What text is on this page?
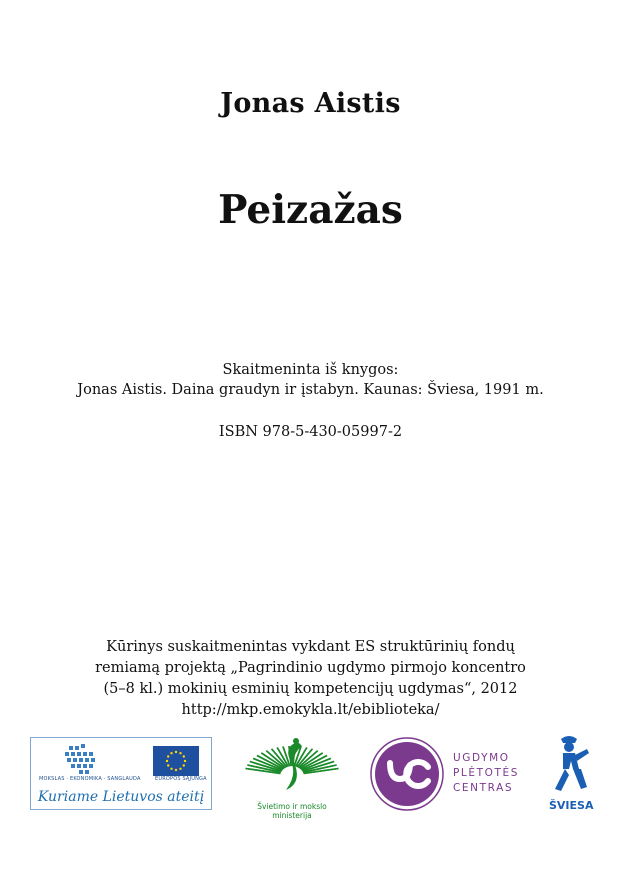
Jonas Aistis
Peizažas
Skaitmeninta iš knygos:
Jonas Aistis. Daina graudyn ir įstabyn. Kaunas: Šviesa, 1991 m.
ISBN 978-5-430-05997-2
Kūrinys suskaitmenintas vykdant ES struktūrinių fondų
remiamą projektą „Pagrindinio ugdymo pirmojo koncentro
(5–8 kl.) mokinių esminių kompetencijų ugdymas“, 2012
http://mkp.emokykla.lt/ebiblioteka/
MOKSLAS · EKONOMIKA · SANGLAUDA	EUROPOS SĄJUNGA
Kuriame Lietuvos ateitį
Švietimo ir mokslo ministerija
UGDYMO
PLĖTOTĖS
CENTRAS
ŠVIESA
